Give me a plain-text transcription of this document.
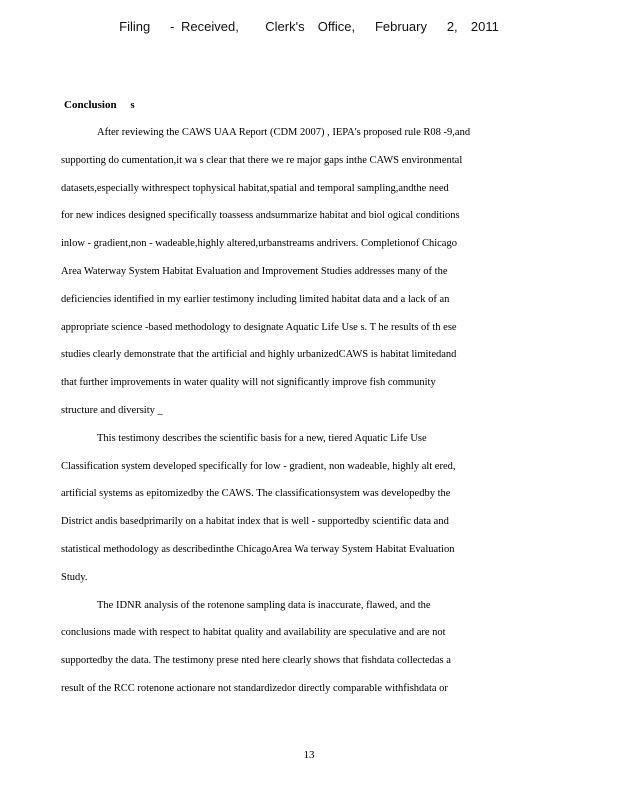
Filing   - Received,    Clerk's  Office,   February   2,  2011
Conclusion     s
After reviewing the CAWS UAA Report (CDM 2007) , IEPA's proposed rule R08 -9,and
supporting do cumentation,it wa s clear that there we re major gaps inthe CAWS environmental
datasets,especially withrespect tophysical habitat,spatial and temporal sampling,andthe need
for new indices designed specifically toassess andsummarize habitat and biol ogical conditions
inlow - gradient,non - wadeable,highly altered,urbanstreams andrivers. Completionof Chicago
Area Waterway System Habitat Evaluation and Improvement Studies addresses many of the
deficiencies identified in my earlier testimony including limited habitat data and a lack of an
appropriate science -based methodology to designate Aquatic Life Use s. T he results of th ese
studies clearly demonstrate that the artificial and highly urbanizedCAWS is habitat limitedand
that further improvements in water quality will not significantly improve fish community
structure and diversity _
This testimony describes the scientific basis for a new, tiered Aquatic Life Use
Classification system developed specifically for low - gradient, non wadeable, highly alt ered,
artificial systems as epitomizedby the CAWS. The classificationsystem was developedby the
District andis basedprimarily on a habitat index that is well - supportedby scientific data and
statistical methodology as describedinthe ChicagoArea Wa terway System Habitat Evaluation
Study.
The IDNR analysis of the rotenone sampling data is inaccurate, flawed, and the
conclusions made with respect to habitat quality and availability are speculative and are not
supportedby the data. The testimony prese nted here clearly shows that fishdata collectedas a
result of the RCC rotenone actionare not standardizedor directly comparable withfishdata or
13
